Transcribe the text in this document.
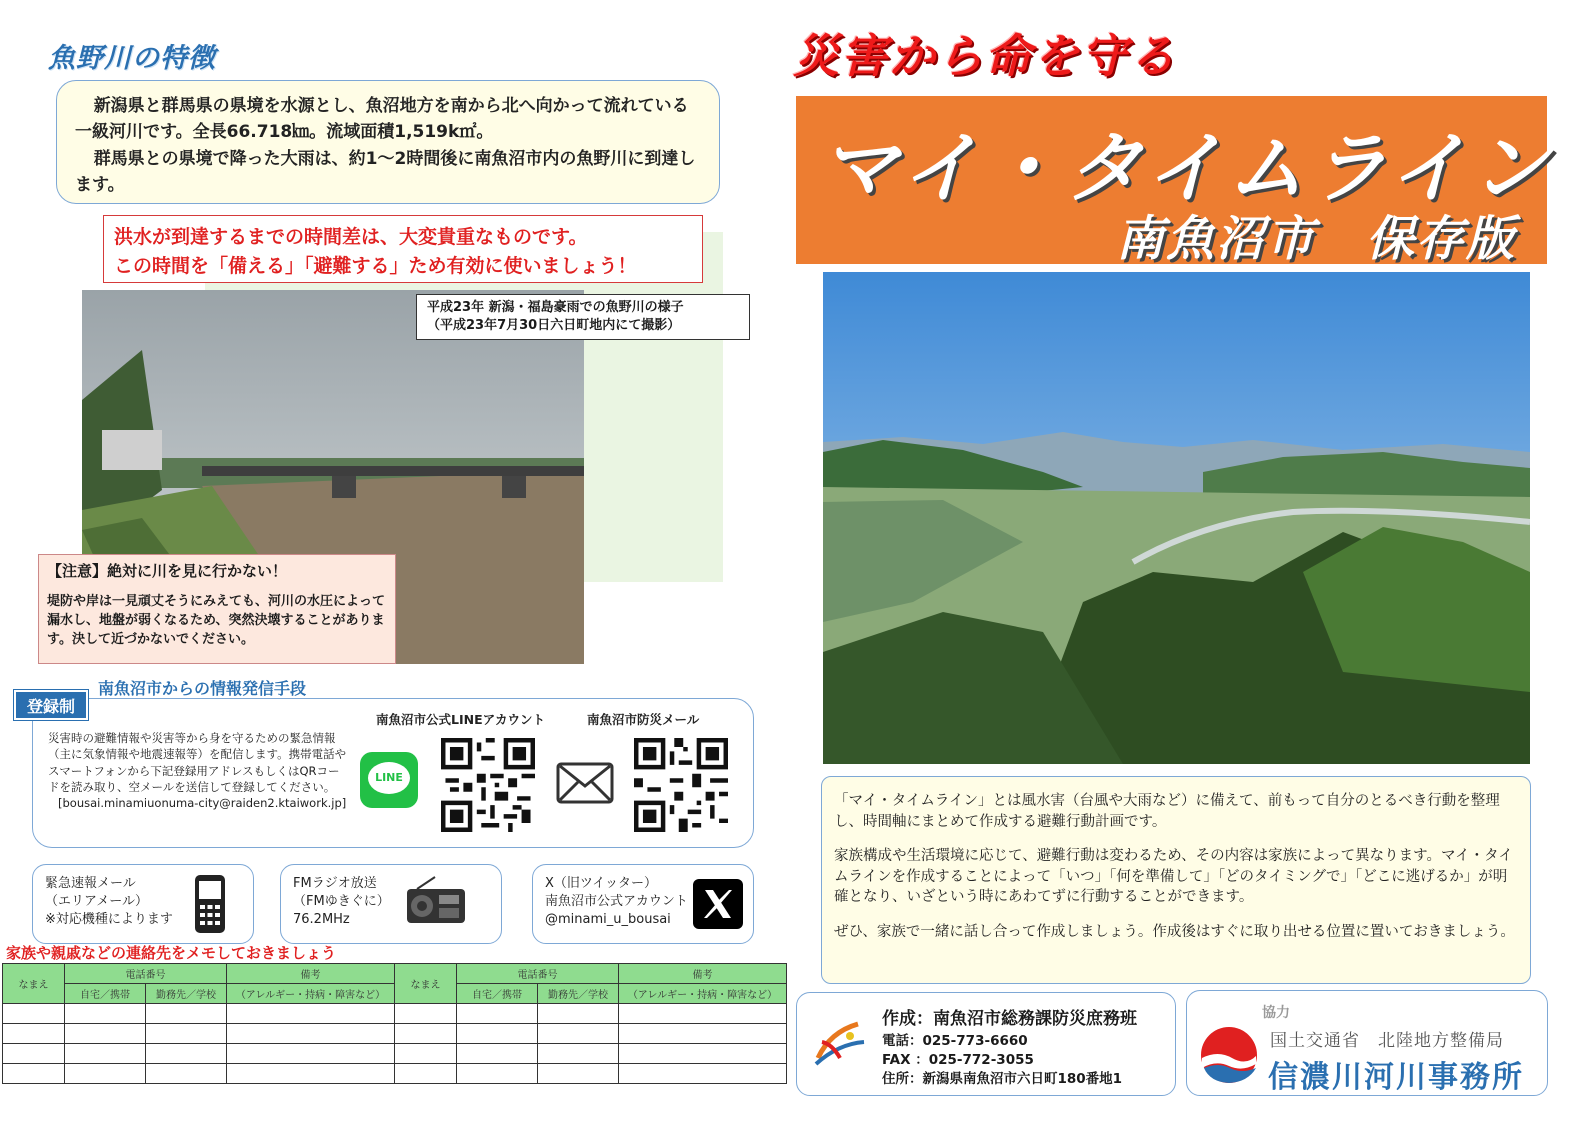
魚野川の特徴

新潟県と群馬県の県境を水源とし、魚沼地方を南から北へ向かって流れている一級河川です。全長66.718㎞。流域面積1,519k㎡。

群馬県との県境で降った大雨は、約1～2時間後に南魚沼市内の魚野川に到達します。

洪水が到達するまでの時間差は、大変貴重なものです。
この時間を「備える」「避難する」ため有効に使いましょう！
平成23年 新潟・福島豪雨での魚野川の様子
（平成23年7月30日六日町地内にて撮影）
【注意】絶対に川を見に行かない！
堤防や岸は一見頑丈そうにみえても、河川の水圧によって漏水し、地盤が弱くなるため、突然決壊することがあります。決して近づかないでください。
南魚沼市からの情報発信手段
登録制
災害時の避難情報や災害等から身を守るための緊急情報（主に気象情報や地震速報等）を配信します。携帯電話やスマートフォンから下記登録用アドレスもしくはQRコードを読み取り、空メールを送信して登録してください。
[bousai.minamiuonuma-city@raiden2.ktaiwork.jp]
南魚沼市公式LINEアカウント	南魚沼市防災メール
LINE
緊急速報メール
（エリアメール）
※対応機種によります
FMラジオ放送
（FMゆきぐに）
76.2MHz
X（旧ツイッター）
南魚沼市公式アカウント
@minami_u_bousai
家族や親戚などの連絡先をメモしておきましょう
なまえ	電話番号		備考	なまえ	電話番号		備考
	自宅／携帯	勤務先／学校	（アレルギー・持病・障害など）		自宅／携帯	勤務先／学校	（アレルギー・持病・障害など）

災害から命を守る
マイ・タイムライン
南魚沼市　保存版

「マイ・タイムライン」とは風水害（台風や大雨など）に備えて、前もって自分のとるべき行動を整理し、時間軸にまとめて作成する避難行動計画です。

家族構成や生活環境に応じて、避難行動は変わるため、その内容は家族によって異なります。マイ・タイムラインを作成することによって「いつ」「何を準備して」「どのタイミングで」「どこに逃げるか」が明確となり、いざという時にあわてずに行動することができます。

ぜひ、家族で一緒に話し合って作成しましょう。作成後はすぐに取り出せる位置に置いておきましょう。

作成：南魚沼市総務課防災庶務班
電話：025-773-6660
FAX ：025-772-3055
住所：新潟県南魚沼市六日町180番地1
協力
国土交通省　北陸地方整備局
信濃川河川事務所
